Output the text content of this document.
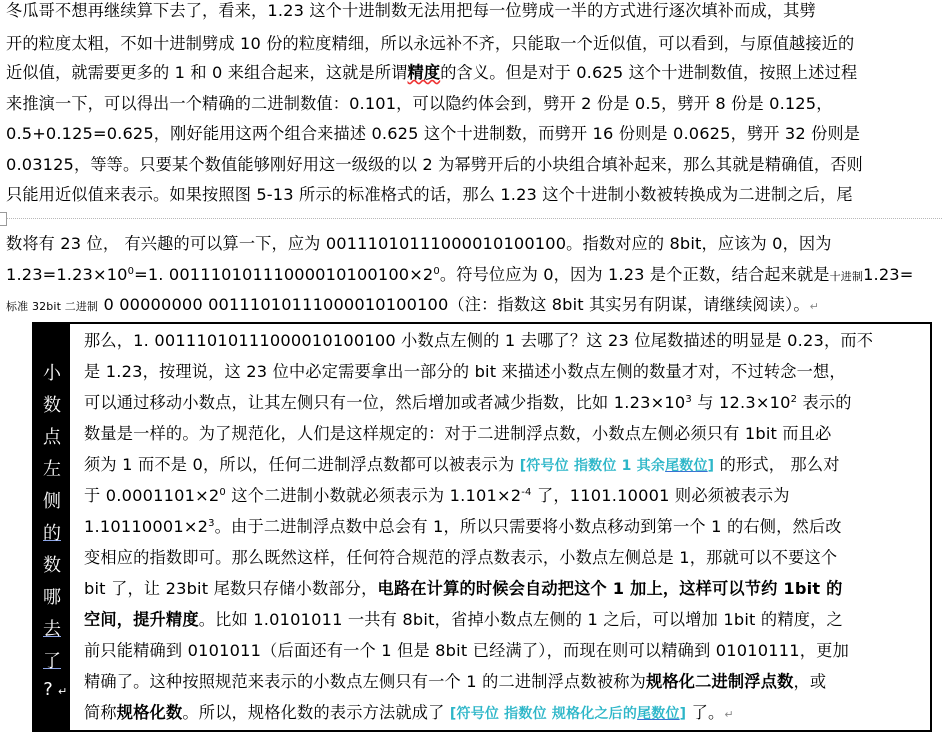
冬瓜哥不想再继续算下去了，看来，1.23 这个十进制数无法用把每一位劈成一半的方式进行逐次填补而成，其劈
开的粒度太粗，不如十进制劈成 10 份的粒度精细，所以永远补不齐，只能取一个近似值，可以看到，与原值越接近的
近似值，就需要更多的 1 和 0 来组合起来，这就是所谓精度的含义。但是对于 0.625 这个十进制数值，按照上述过程
来推演一下，可以得出一个精确的二进制数值：0.101，可以隐约体会到，劈开 2 份是 0.5，劈开 8 份是 0.125，
0.5+0.125=0.625，刚好能用这两个组合来描述 0.625 这个十进制数，而劈开 16 份则是 0.0625，劈开 32 份则是
0.03125，等等。只要某个数值能够刚好用这一级级的以 2 为幂劈开后的小块组合填补起来，那么其就是精确值，否则
只能用近似值来表示。如果按照图 5-13 所示的标准格式的话，那么 1.23 这个十进制小数被转换成为二进制之后，尾
数将有 23 位， 有兴趣的可以算一下，应为 00111010111000010100100。指数对应的 8bit，应该为 0，因为
$1.23=1.23\times 10^0=1$. $00111010111000010100100\times 2^0$。符号位应为 0，因为 1.23 是个正数，结合起来就是十进制1.23=
标准 32bit 二进制 0 00000000 00111010111000010100100（注：指数这 8bit 其实另有阴谋，请继续阅读）。↵
小
数
点
左
侧
的
数
哪
去
了
? ↵
那么，1. 00111010111000010100100 小数点左侧的 1 去哪了？这 23 位尾数描述的明显是 0.23，而不
是 1.23，按理说，这 23 位中必定需要拿出一部分的 bit 来描述小数点左侧的数量才对，不过转念一想，
可以通过移动小数点，让其左侧只有一位，然后增加或者减少指数，比如 $1.23\times 10^3$ 与 $12.3\times 10^2$ 表示的
数量是一样的。为了规范化，人们是这样规定的：对于二进制浮点数，小数点左侧必须只有 1bit 而且必
须为 1 而不是 0，所以，任何二进制浮点数都可以被表示为 [符号位 指数位 1 其余尾数位] 的形式， 那么对
于 $0.0001101\times 2^0$ 这个二进制小数就必须表示为 $1.101\times 2^{-4}$ 了，1101.10001 则必须被表示为
$1.10110001\times 2^3$。由于二进制浮点数中总会有 1，所以只需要将小数点移动到第一个 1 的右侧，然后改
变相应的指数即可。那么既然这样，任何符合规范的浮点数表示，小数点左侧总是 1，那就可以不要这个
bit 了，让 23bit 尾数只存储小数部分，电路在计算的时候会自动把这个 1 加上，这样可以节约 1bit 的
空间，提升精度。比如 1.0101011 一共有 8bit，省掉小数点左侧的 1 之后，可以增加 1bit 的精度，之
前只能精确到 0101011（后面还有一个 1 但是 8bit 已经满了），而现在则可以精确到 01010111，更加
精确了。这种按照规范来表示的小数点左侧只有一个 1 的二进制浮点数被称为规格化二进制浮点数，或
简称规格化数。所以，规格化数的表示方法就成了 [符号位 指数位 规格化之后的尾数位] 了。↵
